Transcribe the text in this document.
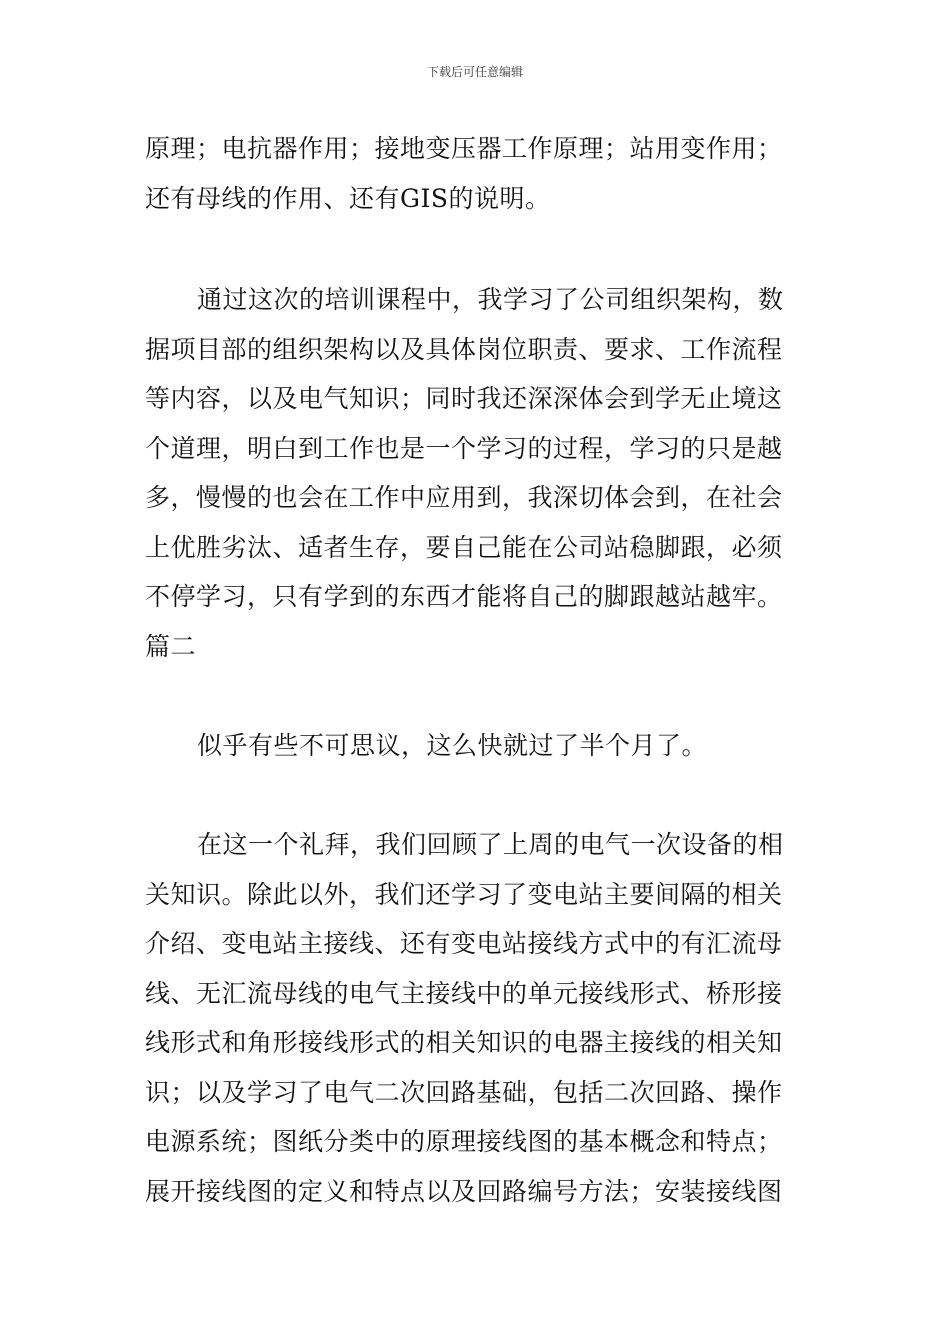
下载后可任意编辑
原理；电抗器作用；接地变压器工作原理；站用变作用；
还有母线的作用、还有GIS的说明。
通过这次的培训课程中，我学习了公司组织架构，数
据项目部的组织架构以及具体岗位职责、要求、工作流程
等内容，以及电气知识；同时我还深深体会到学无止境这
个道理，明白到工作也是一个学习的过程，学习的只是越
多，慢慢的也会在工作中应用到，我深切体会到，在社会
上优胜劣汰、适者生存，要自己能在公司站稳脚跟，必须
不停学习，只有学到的东西才能将自己的脚跟越站越牢。
篇二
似乎有些不可思议，这么快就过了半个月了。
在这一个礼拜，我们回顾了上周的电气一次设备的相
关知识。除此以外，我们还学习了变电站主要间隔的相关
介绍、变电站主接线、还有变电站接线方式中的有汇流母
线、无汇流母线的电气主接线中的单元接线形式、桥形接
线形式和角形接线形式的相关知识的电器主接线的相关知
识；以及学习了电气二次回路基础，包括二次回路、操作
电源系统；图纸分类中的原理接线图的基本概念和特点；
展开接线图的定义和特点以及回路编号方法；安装接线图
